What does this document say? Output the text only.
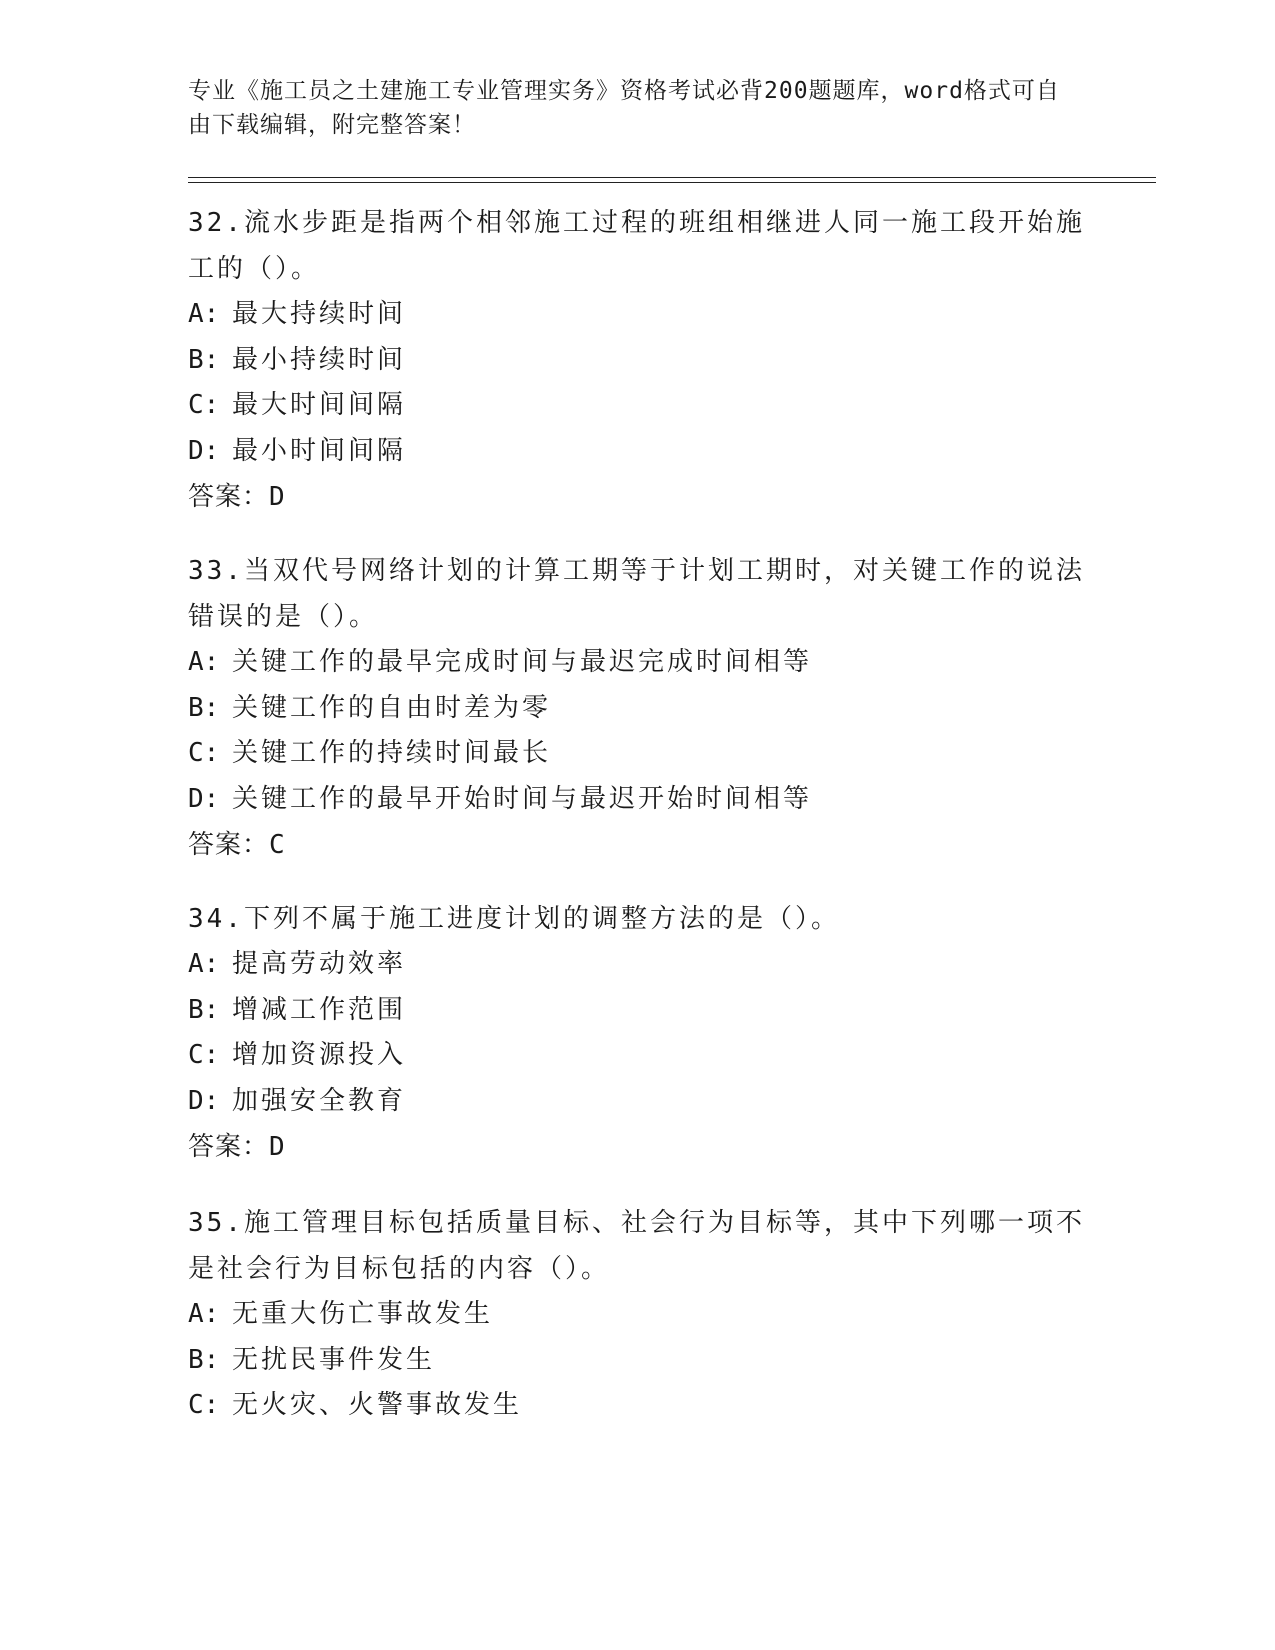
专业《施工员之土建施工专业管理实务》资格考试必背200题题库，word格式可自由下载编辑，附完整答案！
32.流水步距是指两个相邻施工过程的班组相继进人同一施工段开始施工的（）。
A: 最大持续时间
B: 最小持续时间
C: 最大时间间隔
D: 最小时间间隔
答案：D
33.当双代号网络计划的计算工期等于计划工期时，对关键工作的说法错误的是（）。
A: 关键工作的最早完成时间与最迟完成时间相等
B: 关键工作的自由时差为零
C: 关键工作的持续时间最长
D: 关键工作的最早开始时间与最迟开始时间相等
答案：C
34.下列不属于施工进度计划的调整方法的是（）。
A: 提高劳动效率
B: 增减工作范围
C: 增加资源投入
D: 加强安全教育
答案：D
35.施工管理目标包括质量目标、社会行为目标等，其中下列哪一项不是社会行为目标包括的内容（）。
A: 无重大伤亡事故发生
B: 无扰民事件发生
C: 无火灾、火警事故发生
